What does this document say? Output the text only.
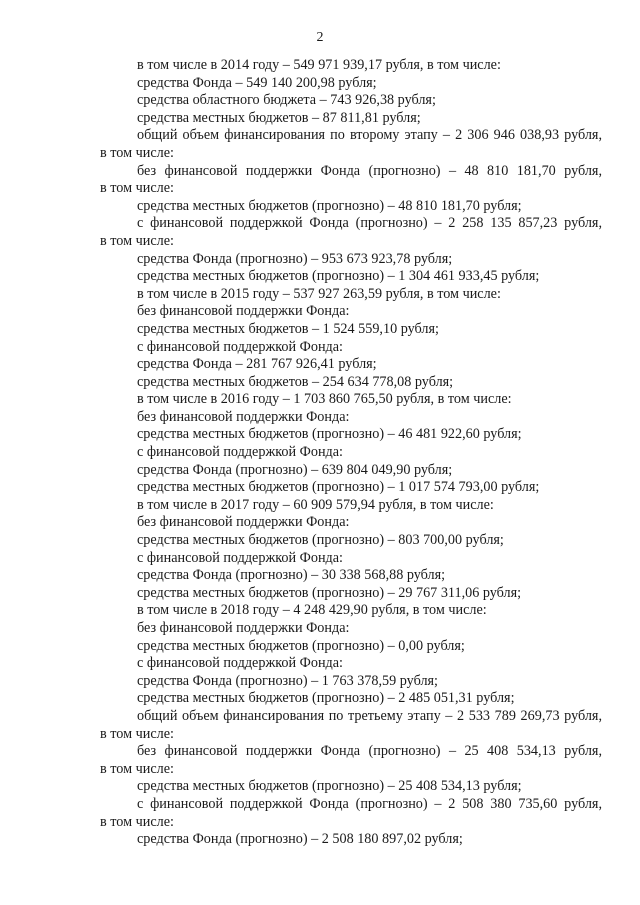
2
в том числе в 2014 году – 549 971 939,17 рубля, в том числе:
средства Фонда – 549 140 200,98 рубля;
средства областного бюджета – 743 926,38 рубля;
средства местных бюджетов – 87 811,81 рубля;
общий объем финансирования по второму этапу – 2 306 946 038,93 рубля,
в том числе:
без финансовой поддержки Фонда (прогнозно) – 48 810 181,70 рубля,
в том числе:
средства местных бюджетов (прогнозно) – 48 810 181,70 рубля;
с финансовой поддержкой Фонда (прогнозно) – 2 258 135 857,23 рубля,
в том числе:
средства Фонда (прогнозно) – 953 673 923,78 рубля;
средства местных бюджетов (прогнозно) – 1 304 461 933,45 рубля;
в том числе в 2015 году – 537 927 263,59 рубля, в том числе:
без финансовой поддержки Фонда:
средства местных бюджетов – 1 524 559,10 рубля;
с финансовой поддержкой Фонда:
средства Фонда – 281 767 926,41 рубля;
средства местных бюджетов – 254 634 778,08 рубля;
в том числе в 2016 году – 1 703 860 765,50 рубля, в том числе:
без финансовой поддержки Фонда:
средства местных бюджетов (прогнозно) – 46 481 922,60 рубля;
с финансовой поддержкой Фонда:
средства Фонда (прогнозно) – 639 804 049,90 рубля;
средства местных бюджетов (прогнозно) – 1 017 574 793,00 рубля;
в том числе в 2017 году – 60 909 579,94 рубля, в том числе:
без финансовой поддержки Фонда:
средства местных бюджетов (прогнозно) – 803 700,00 рубля;
с финансовой поддержкой Фонда:
средства Фонда (прогнозно) – 30 338 568,88 рубля;
средства местных бюджетов (прогнозно) – 29 767 311,06 рубля;
в том числе в 2018 году – 4 248 429,90 рубля, в том числе:
без финансовой поддержки Фонда:
средства местных бюджетов (прогнозно) – 0,00 рубля;
с финансовой поддержкой Фонда:
средства Фонда (прогнозно) – 1 763 378,59 рубля;
средства местных бюджетов (прогнозно) – 2 485 051,31 рубля;
общий объем финансирования по третьему этапу – 2 533 789 269,73 рубля,
в том числе:
без финансовой поддержки Фонда (прогнозно) – 25 408 534,13 рубля,
в том числе:
средства местных бюджетов (прогнозно) – 25 408 534,13 рубля;
с финансовой поддержкой Фонда (прогнозно) – 2 508 380 735,60 рубля,
в том числе:
средства Фонда (прогнозно) – 2 508 180 897,02 рубля;
